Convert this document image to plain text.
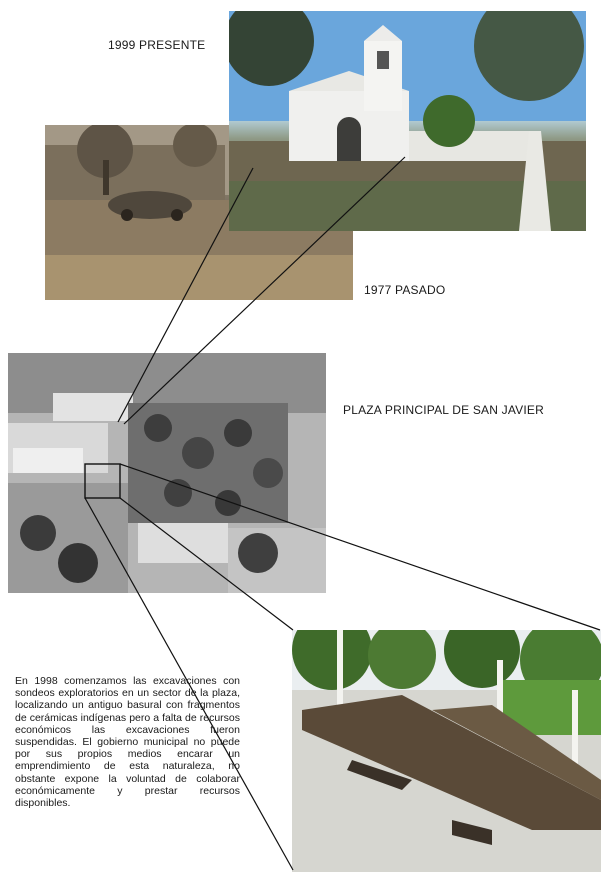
1999 PRESENTE
1977 PASADO
PLAZA PRINCIPAL DE SAN JAVIER
En 1998 comenzamos las excavaciones con sondeos exploratorios en un sector de la plaza, localizando un antiguo basural con fragmentos de cerámicas indígenas pero a falta de recursos económicos las excavaciones fueron suspendidas. El gobierno municipal no puede por sus propios medios encarar un emprendimiento de esta naturaleza, no obstante expone la voluntad de colaborar económicamente y prestar recursos disponibles.
